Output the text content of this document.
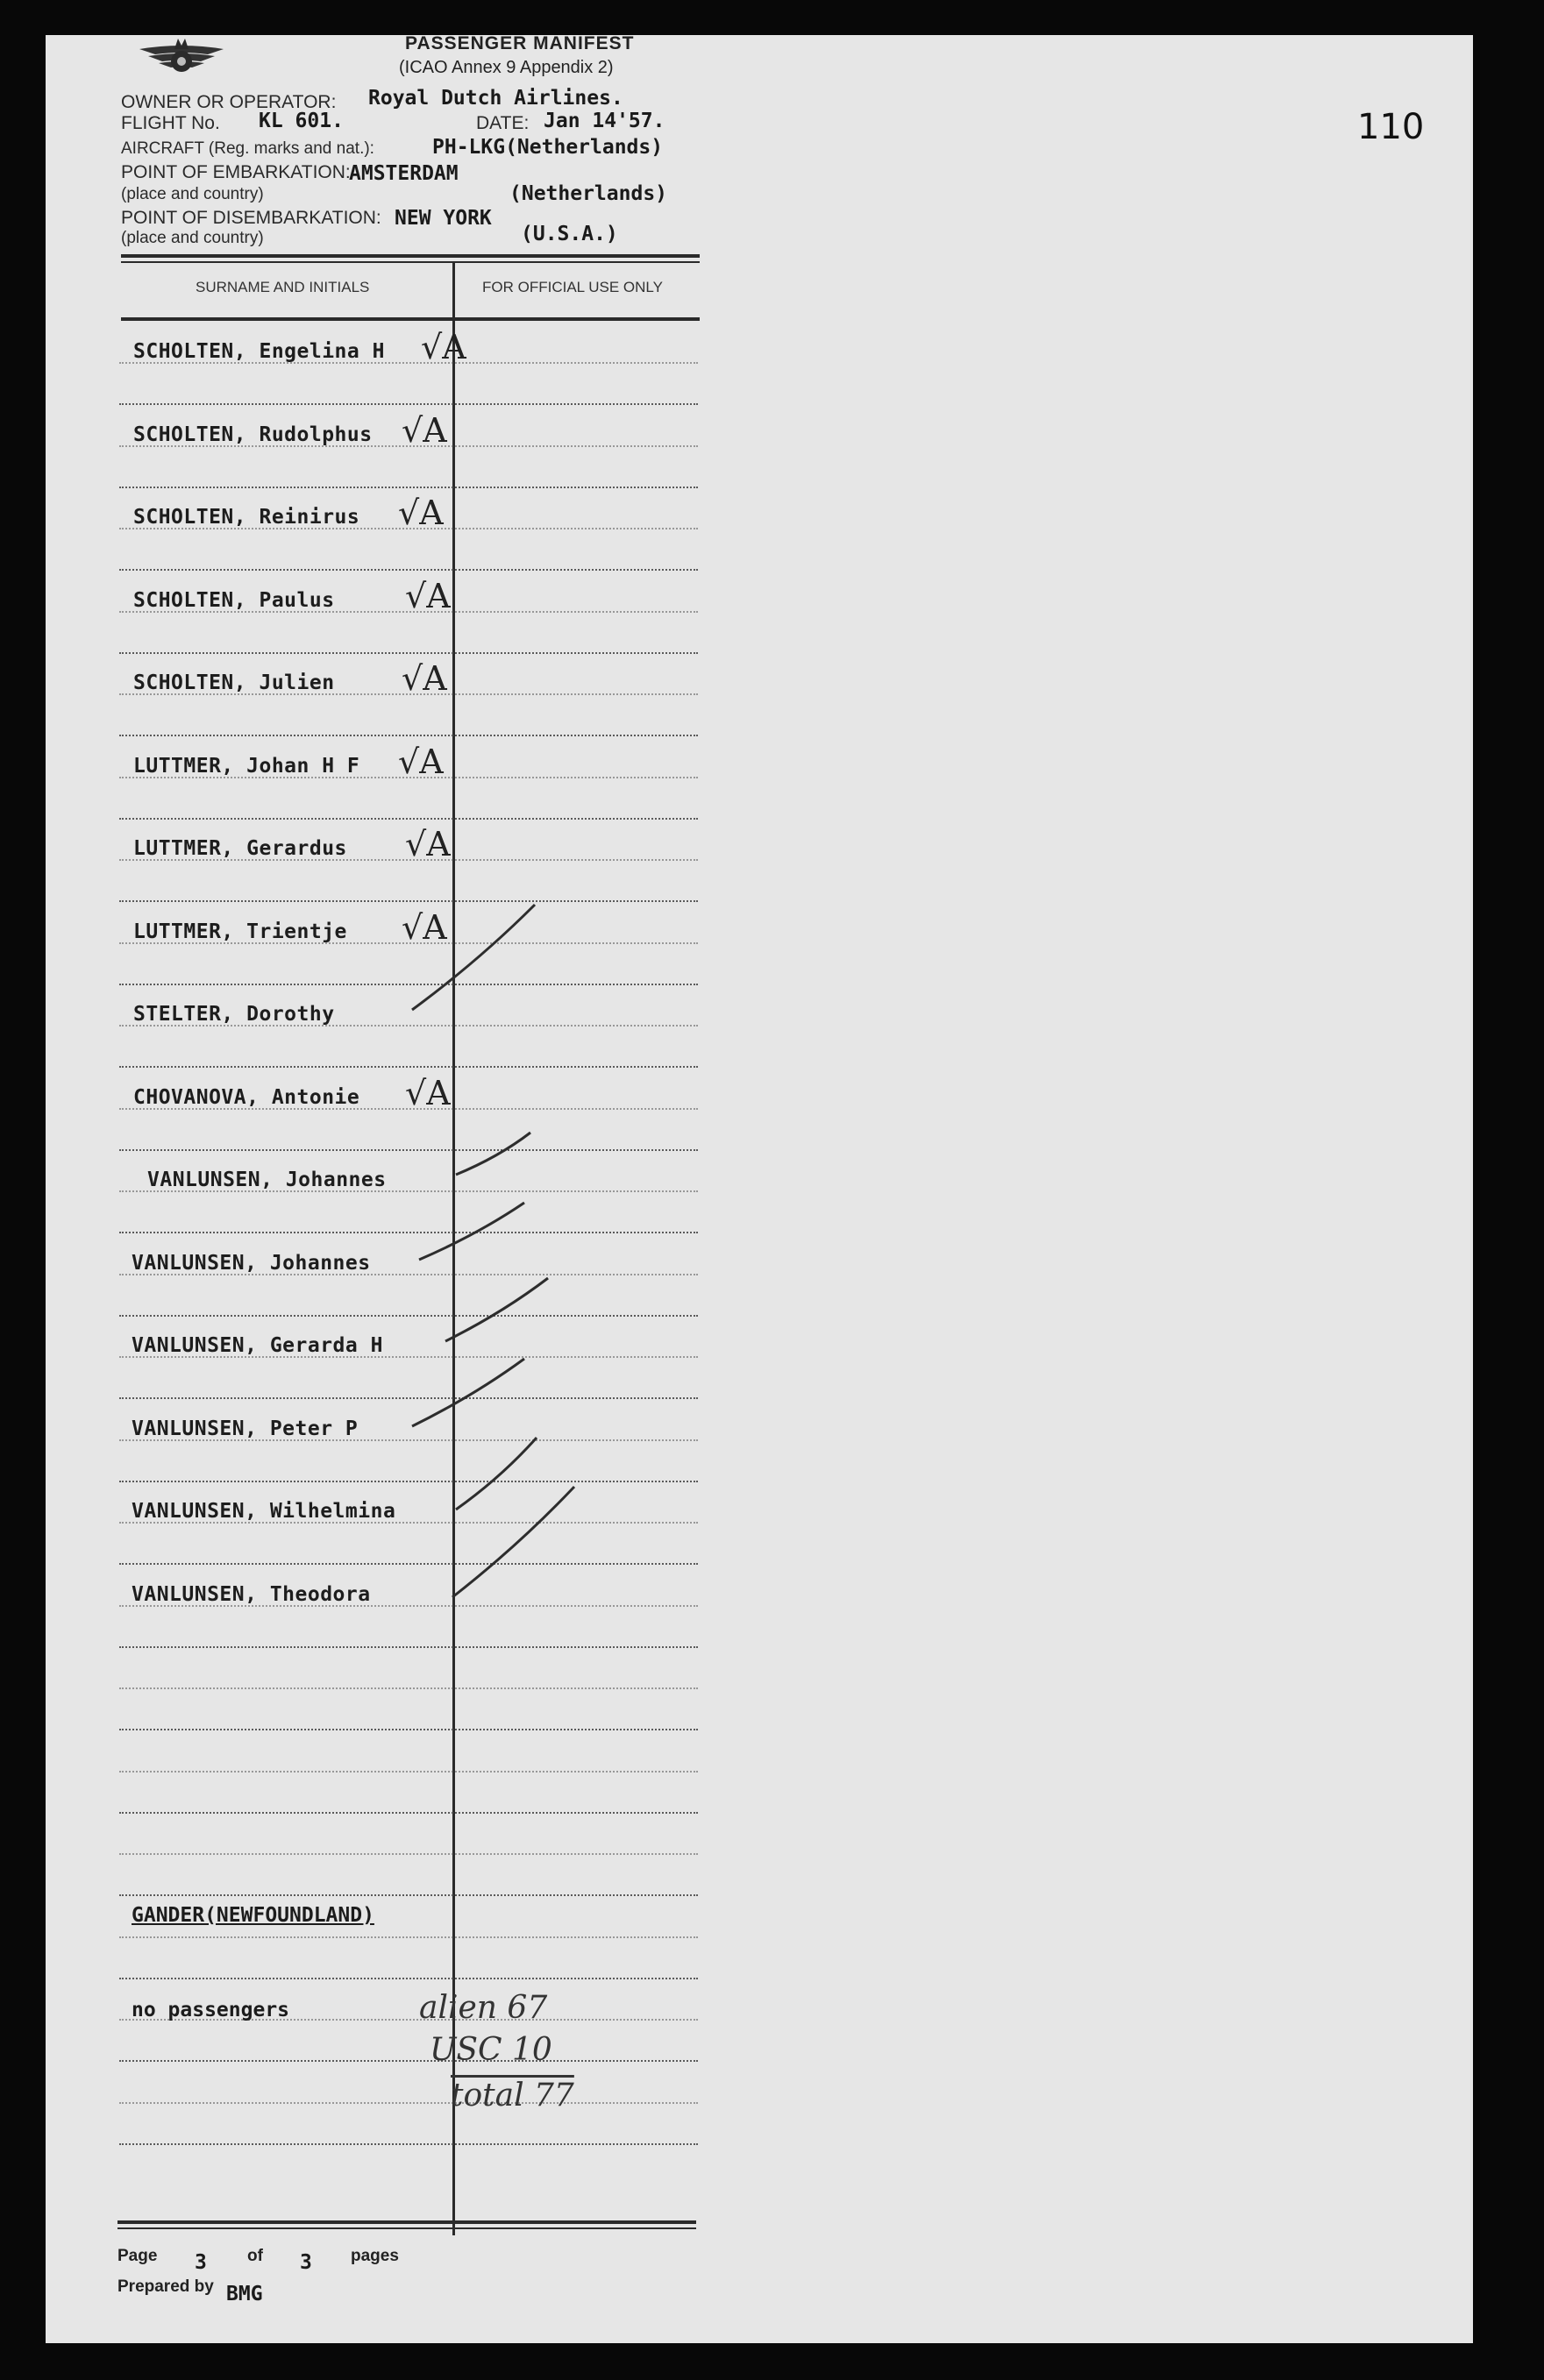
110
PASSENGER MANIFEST
(ICAO Annex 9 Appendix 2)
OWNER OR OPERATOR: Royal Dutch Airlines.
FLIGHT No. KL 601.	DATE: Jan 14'57.
AIRCRAFT (Reg. marks and nat.):	PH-LKG(Netherlands)
POINT OF EMBARKATION:
(place and country)
AMSTERDAM
(Netherlands)
POINT OF DISEMBARKATION:
(place and country)
NEW YORK
(U.S.A.)
SURNAME AND INITIALS	FOR OFFICIAL USE ONLY
SCHOLTEN, Engelina H √A
SCHOLTEN, Rudolphus √A
SCHOLTEN, Reinirus √A
SCHOLTEN, Paulus √A
SCHOLTEN, Julien √A
LUTTMER, Johan H F √A
LUTTMER, Gerardus √A
LUTTMER, Trientje √A
STELTER, Dorothy
CHOVANOVA, Antonie √A
VANLUNSEN, Johannes
VANLUNSEN, Johannes
VANLUNSEN, Gerarda H
VANLUNSEN, Peter P
VANLUNSEN, Wilhelmina
VANLUNSEN, Theodora
GANDER(NEWFOUNDLAND)
no passengers	alien 67
USC 10
total 77
Page 3 of 3 pages
Prepared by BMG
